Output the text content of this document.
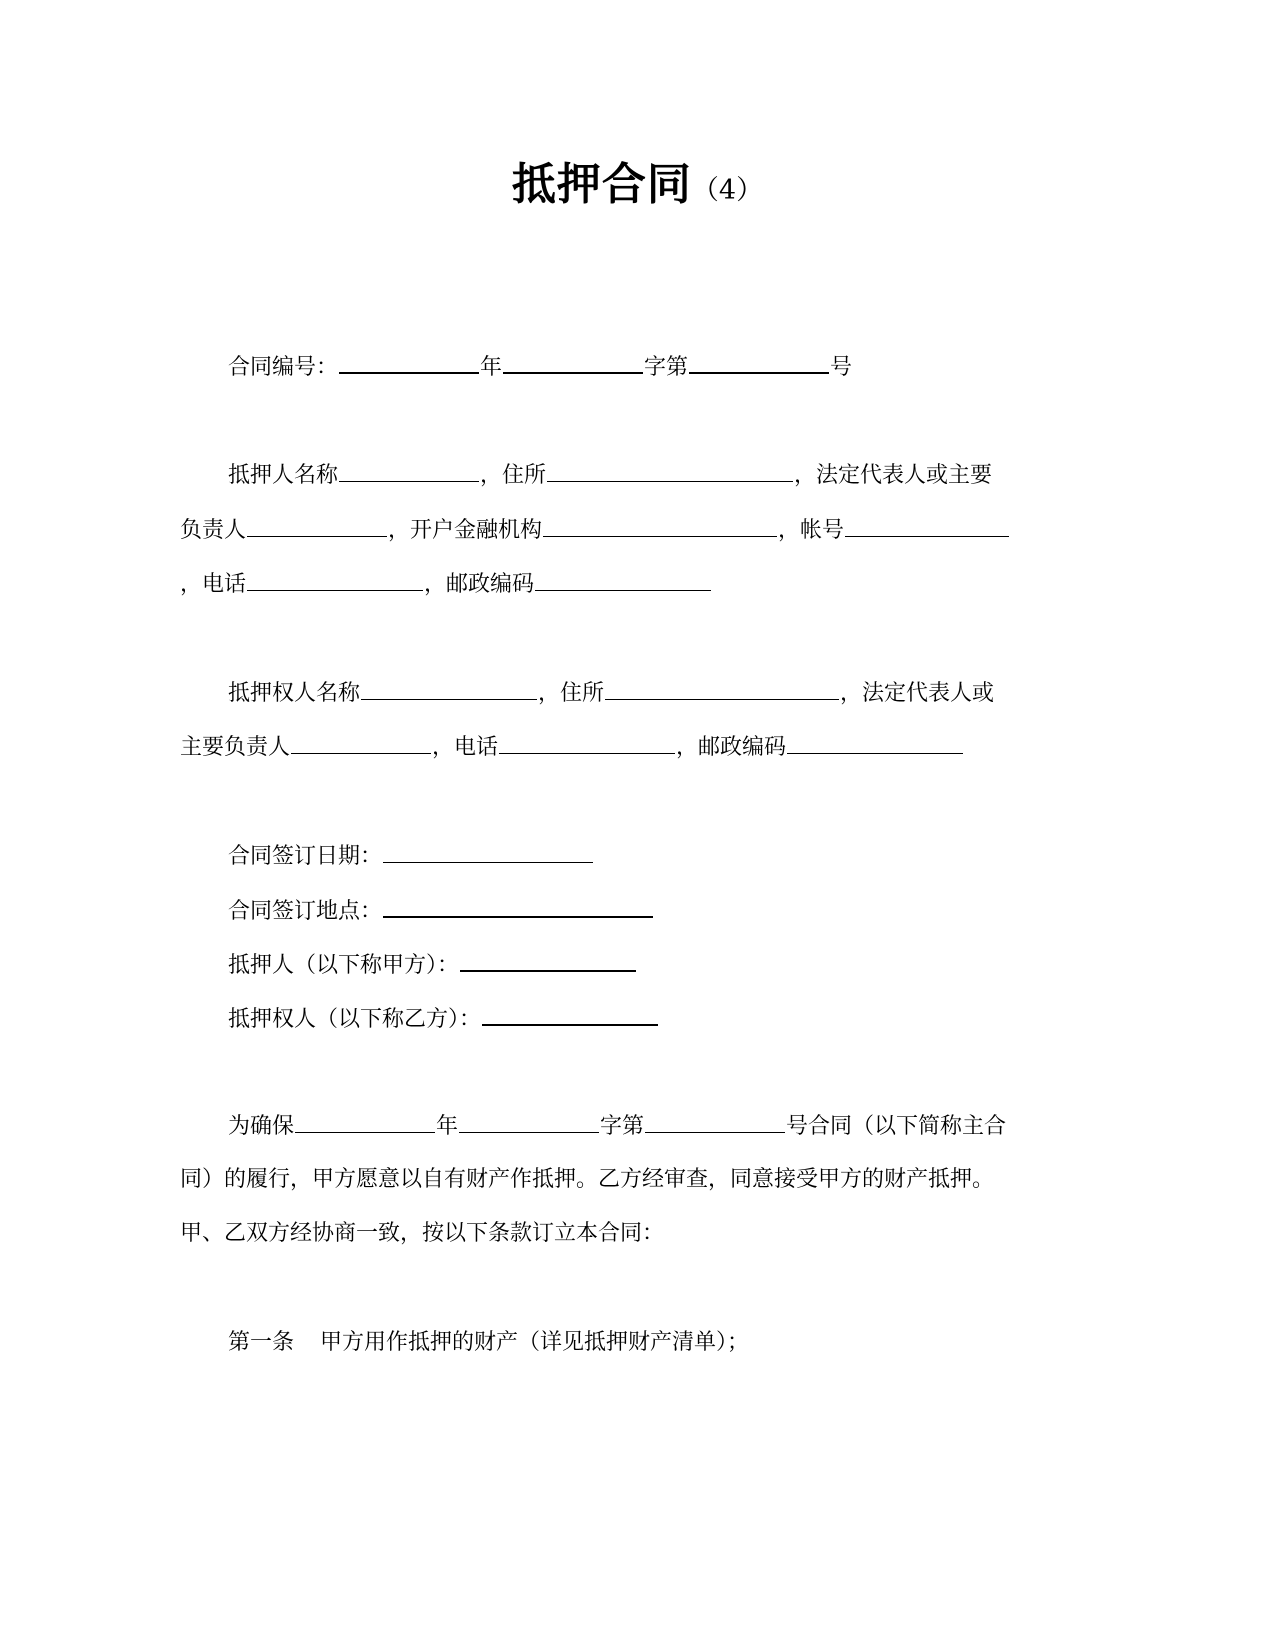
抵押合同（4）
合同编号：	年	字第	号
抵押人名称	，住所	，法定代表人或主要
负责人	，开户金融机构	，帐号
，电话	，邮政编码
抵押权人名称	，住所	，法定代表人或
主要负责人	，电话	，邮政编码
合同签订日期：
合同签订地点：
抵押人（以下称甲方）：
抵押权人（以下称乙方）：
为确保	年	字第	号合同（以下简称主合
同）的履行，甲方愿意以自有财产作抵押。乙方经审查，同意接受甲方的财产抵押。
甲、乙双方经协商一致，按以下条款订立本合同：
第一条 甲方用作抵押的财产（详见抵押财产清单）；
